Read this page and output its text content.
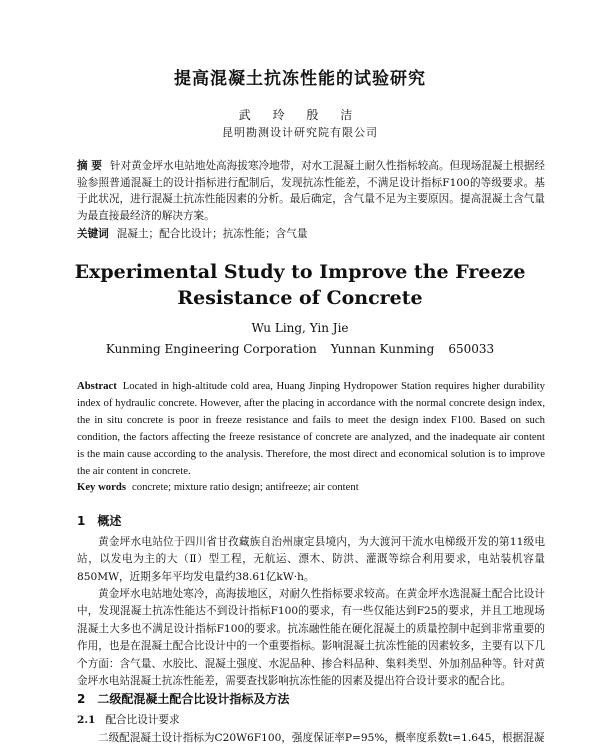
提高混凝土抗冻性能的试验研究
武 玲 殷 洁
昆明勘测设计研究院有限公司
摘 要 针对黄金坪水电站地处高海拔寒冷地带，对水工混凝土耐久性指标较高。但现场混凝土根据经验参照普通混凝土的设计指标进行配制后，发现抗冻性能差，不满足设计指标F100的等级要求。基于此状况，进行混凝土抗冻性能因素的分析。最后确定，含气量不足为主要原因。提高混凝土含气量为最直接最经济的解决方案。
关键词 混凝土；配合比设计；抗冻性能；含气量
Experimental Study to Improve the Freeze
Resistance of Concrete
Wu Ling, Yin Jie
Kunming Engineering Corporation Yunnan Kunming 650033
Abstract Located in high-altitude cold area, Huang Jinping Hydropower Station requires higher durability index of hydraulic concrete. However, after the placing in accordance with the normal concrete design index, the in situ concrete is poor in freeze resistance and fails to meet the design index F100. Based on such condition, the factors affecting the freeze resistance of concrete are analyzed, and the inadequate air content is the main cause according to the analysis. Therefore, the most direct and economical solution is to improve the air content in concrete.
Key words concrete; mixture ratio design; antifreeze; air content
1 概述
黄金坪水电站位于四川省甘孜藏族自治州康定县境内，为大渡河干流水电梯级开发的第11级电站，以发电为主的大（Ⅱ）型工程，无航运、漂木、防洪、灌溉等综合利用要求，电站装机容量850MW，近期多年平均发电量约38.61亿kW·h。
黄金坪水电站地处寒冷，高海拔地区，对耐久性指标要求较高。在黄金坪水选混凝土配合比设计中，发现混凝土抗冻性能达不到设计指标F100的要求，有一些仅能达到F25的要求，并且工地现场混凝土大多也不满足设计指标F100的要求。抗冻融性能在硬化混凝土的质量控制中起到非常重要的作用，也是在混凝土配合比设计中的一个重要指标。影响混凝土抗冻性能的因素较多，主要有以下几个方面：含气量、水胶比、混凝土强度、水泥品种、掺合料品种、集料类型、外加剂品种等。针对黄金坪水电站混凝土抗冻性能差，需要查找影响抗冻性能的因素及提出符合设计要求的配合比。
2 二级配混凝土配合比设计指标及方法
2.1 配合比设计要求
二级配混凝土设计指标为C20W6F100，强度保证率P=95%，概率度系数t=1.645，根据混凝
